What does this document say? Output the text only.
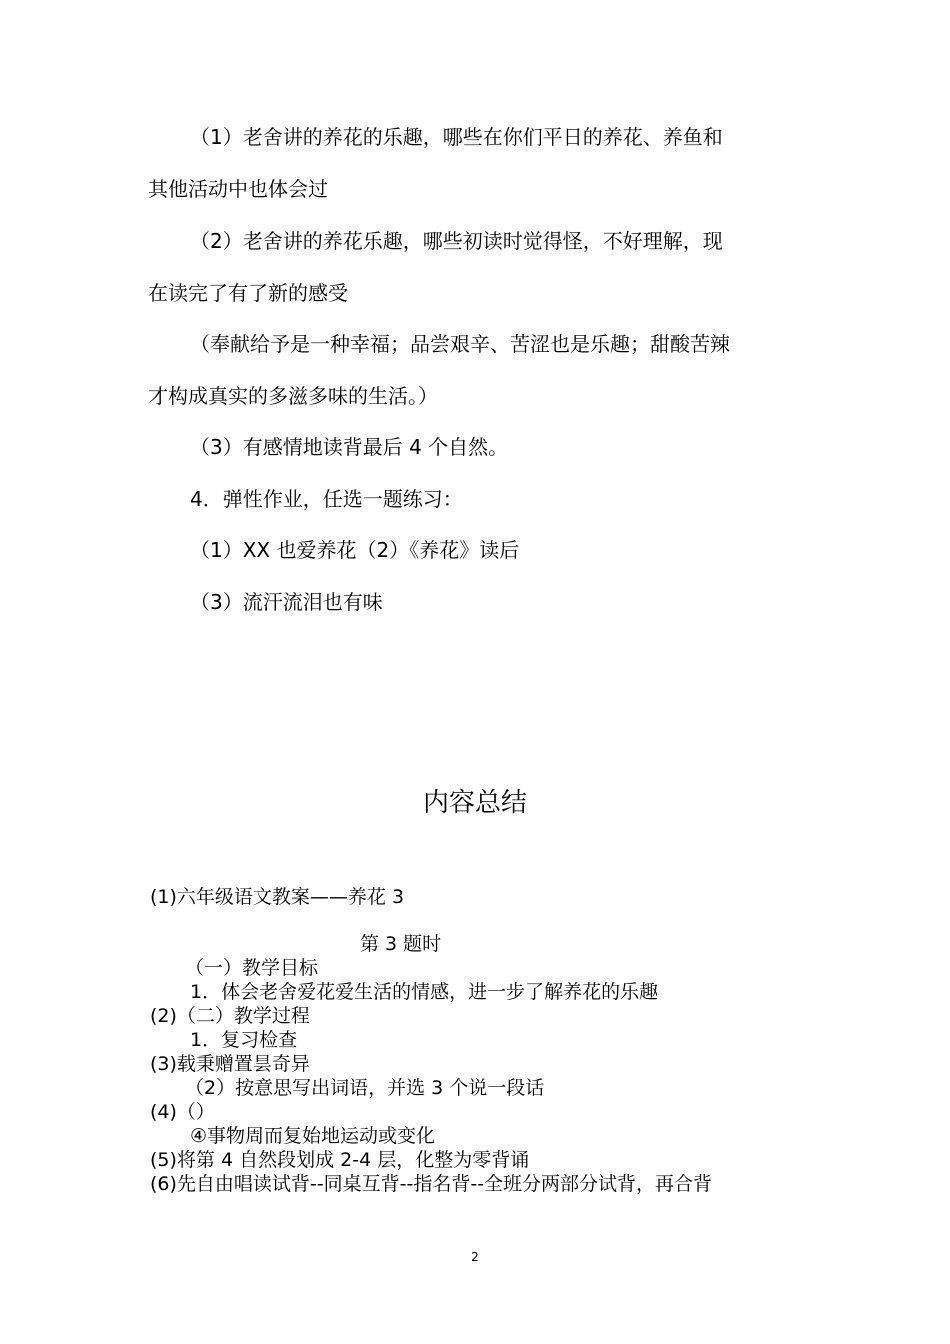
（1）老舍讲的养花的乐趣，哪些在你们平日的养花、养鱼和
其他活动中也体会过
（2）老舍讲的养花乐趣，哪些初读时觉得怪，不好理解，现
在读完了有了新的感受
（奉献给予是一种幸福；品尝艰辛、苦涩也是乐趣；甜酸苦辣
才构成真实的多滋多味的生活。）
（3）有感情地读背最后 4 个自然。
4．弹性作业，任选一题练习：
（1）XX 也爱养花（2）《养花》读后
（3）流汗流泪也有味
内容总结
(1)六年级语文教案——养花 3
第 3 题时
（一）教学目标
1．体会老舍爱花爱生活的情感，进一步了解养花的乐趣
(2)（二）教学过程
1．复习检查
(3)载秉赠置昙奇异
（2）按意思写出词语，并选 3 个说一段话
(4)（）
④事物周而复始地运动或变化
(5)将第 4 自然段划成 2-4 层，化整为零背诵
(6)先自由唱读试背--同桌互背--指名背--全班分两部分试背，再合背
2
